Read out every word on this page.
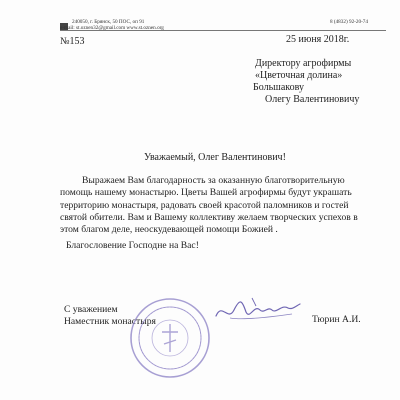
240050, г. Брянск, 50 ПОС, оп 91	8 (4832) 92-20-74
e-mail: st.oznen32@gmail.com www.st.oznen.org
№153	25 июня 2018г.
Директору агрофирмы
«Цветочная долина»
Большакову
Олегу Валентиновичу
Уважаемый, Олег Валентинович!

Выражаем Вам благодарность за оказанную благотворительную

помощь нашему монастырю. Цветы Вашей агрофирмы будут украшать территорию монастыря, радовать своей красотой паломников и гостей святой обители. Вам и Вашему коллективу желаем творческих успехов в этом благом деле, неоскудевающей помощи Божией .

Благословение Господне на Вас!

С уважением
Наместник монастыря	Тюрин А.И.
